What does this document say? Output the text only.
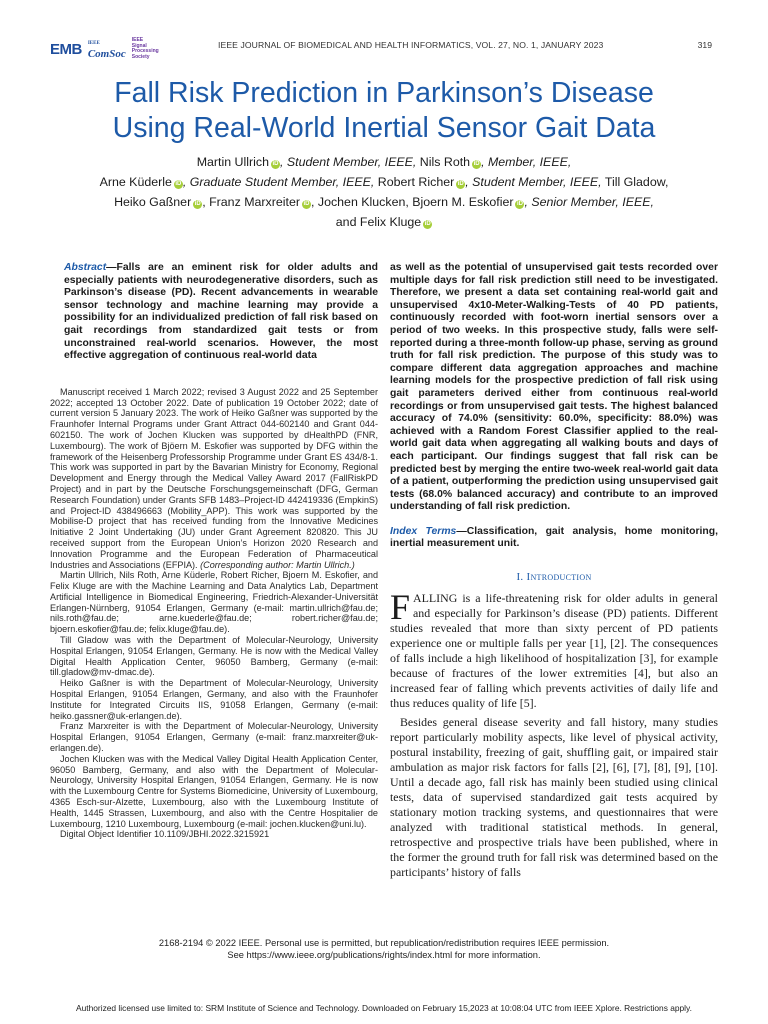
EMB IEEE
ComSoc
IEEE
Signal
Processing
Society
IEEE JOURNAL OF BIOMEDICAL AND HEALTH INFORMATICS, VOL. 27, NO. 1, JANUARY 2023	319
Fall Risk Prediction in Parkinson’s Disease
Using Real-World Inertial Sensor Gait Data
Martin Ullrich iD , Student Member, IEEE, Nils Roth iD , Member, IEEE,
Arne Küderle iD , Graduate Student Member, IEEE, Robert Richer iD , Student Member, IEEE, Till Gladow,
Heiko Gaßner iD , Franz Marxreiter iD , Jochen Klucken, Bjoern M. Eskofier iD , Senior Member, IEEE,
and Felix Kluge iD
Abstract—Falls are an eminent risk for older adults and especially patients with neurodegenerative disorders, such as Parkinson’s disease (PD). Recent advancements in wearable sensor technology and machine learning may provide a possibility for an individualized prediction of fall risk based on gait recordings from standardized gait tests or from unconstrained real-world scenarios. However, the most effective aggregation of continuous real-world data

Manuscript received 1 March 2022; revised 3 August 2022 and 25 September 2022; accepted 13 October 2022. Date of publication 19 October 2022; date of current version 5 January 2023. The work of Heiko Gaßner was supported by the Fraunhofer Internal Programs under Grant Attract 044-602140 and Grant 044-602150. The work of Jochen Klucken was supported by dHealthPD (FNR, Luxembourg). The work of Bjöern M. Eskofier was supported by DFG within the framework of the Heisenberg Professorship Programme under Grant ES 434/8-1. This work was supported in part by the Bavarian Ministry for Economy, Regional Development and Energy through the Medical Valley Award 2017 (FallRiskPD Project) and in part by the Deutsche Forschungsgemeinschaft (DFG, German Research Foundation) under Grants SFB 1483–Project-ID 442419336 (EmpkinS) and Project-ID 438496663 (Mobility_APP). This work was supported by the Mobilise-D project that has received funding from the Innovative Medicines Initiative 2 Joint Undertaking (JU) under Grant Agreement 820820. This JU received support from the European Union’s Horizon 2020 Research and Innovation Programme and the European Federation of Pharmaceutical Industries and Associations (EFPIA). (Corresponding author: Martin Ullrich.)

Martin Ullrich, Nils Roth, Arne Küderle, Robert Richer, Bjoern M. Eskofier, and Felix Kluge are with the Machine Learning and Data Analytics Lab, Department Artificial Intelligence in Biomedical Engineering, Friedrich-Alexander-Universität Erlangen-Nürnberg, 91054 Erlangen, Germany (e-mail: martin.ullrich@fau.de; nils.roth@fau.de; arne.kuederle@fau.de; robert.richer@fau.de; bjoern.eskofier@fau.de; felix.kluge@fau.de).

Till Gladow was with the Department of Molecular-Neurology, University Hospital Erlangen, 91054 Erlangen, Germany. He is now with the Medical Valley Digital Health Application Center, 96050 Bamberg, Germany (e-mail: till.gladow@mv-dmac.de).

Heiko Gaßner is with the Department of Molecular-Neurology, University Hospital Erlangen, 91054 Erlangen, Germany, and also with the Fraunhofer Institute for Integrated Circuits IIS, 91058 Erlangen, Germany (e-mail: heiko.gassner@uk-erlangen.de).

Franz Marxreiter is with the Department of Molecular-Neurology, University Hospital Erlangen, 91054 Erlangen, Germany (e-mail: franz.marxreiter@uk-erlangen.de).

Jochen Klucken was with the Medical Valley Digital Health Application Center, 96050 Bamberg, Germany, and also with the Department of Molecular-Neurology, University Hospital Erlangen, 91054 Erlangen, Germany. He is now with the Luxembourg Centre for Systems Biomedicine, University of Luxembourg, 4365 Esch-sur-Alzette, Luxembourg, also with the Luxembourg Institute of Health, 1445 Strassen, Luxembourg, and also with the Centre Hospitalier de Luxembourg, 1210 Luxembourg, Luxembourg (e-mail: jochen.klucken@uni.lu).

Digital Object Identifier 10.1109/JBHI.2022.3215921

as well as the potential of unsupervised gait tests recorded over multiple days for fall risk prediction still need to be investigated. Therefore, we present a data set containing real-world gait and unsupervised 4x10-Meter-Walking-Tests of 40 PD patients, continuously recorded with foot-worn inertial sensors over a period of two weeks. In this prospective study, falls were self-reported during a three-month follow-up phase, serving as ground truth for fall risk prediction. The purpose of this study was to compare different data aggregation approaches and machine learning models for the prospective prediction of fall risk using gait parameters derived either from continuous real-world recordings or from unsupervised gait tests. The highest balanced accuracy of 74.0% (sensitivity: 60.0%, specificity: 88.0%) was achieved with a Random Forest Classifier applied to the real-world gait data when aggregating all walking bouts and days of each participant. Our findings suggest that fall risk can be predicted best by merging the entire two-week real-world gait data of a patient, outperforming the prediction using unsupervised gait tests (68.0% balanced accuracy) and contribute to an improved understanding of fall risk prediction.
Index Terms—Classification, gait analysis, home monitoring, inertial measurement unit.
I. Introduction

FALLING is a life-threatening risk for older adults in general and especially for Parkinson’s disease (PD) patients. Different studies revealed that more than sixty percent of PD patients experience one or multiple falls per year [1], [2]. The consequences of falls include a high likelihood of hospitalization [3], for example because of fractures of the lower extremities [4], but also an increased fear of falling which prevents activities of daily life and thus reduces quality of life [5].

Besides general disease severity and fall history, many studies report particularly mobility aspects, like level of physical activity, postural instability, freezing of gait, shuffling gait, or impaired stair ambulation as major risk factors for falls [2], [6], [7], [8], [9], [10]. Until a decade ago, fall risk has mainly been studied using clinical tests, data of supervised standardized gait tests acquired by stationary motion tracking systems, and questionnaires that were analyzed with traditional statistical methods. In general, retrospective and prospective trials have been published, where in the former the ground truth for fall risk was determined based on the participants’ history of falls

2168-2194 © 2022 IEEE. Personal use is permitted, but republication/redistribution requires IEEE permission.
See https://www.ieee.org/publications/rights/index.html for more information.
Authorized licensed use limited to: SRM Institute of Science and Technology. Downloaded on February 15,2023 at 10:08:04 UTC from IEEE Xplore. Restrictions apply.
